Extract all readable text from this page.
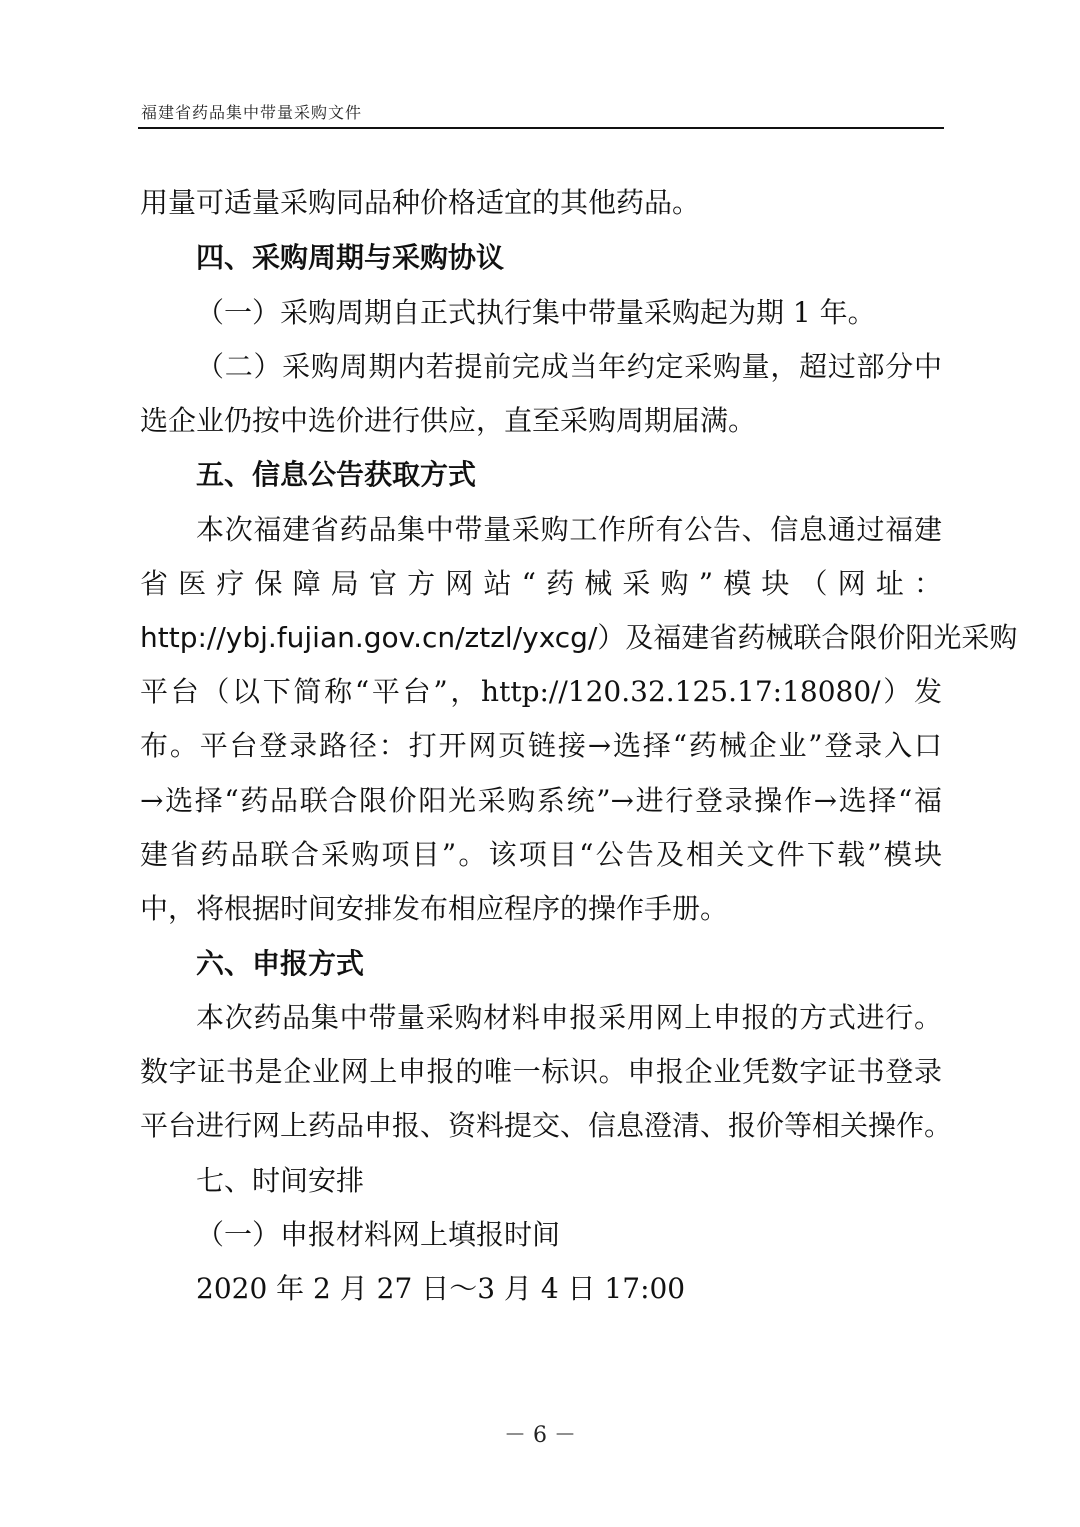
福建省药品集中带量采购文件
用量可适量采购同品种价格适宜的其他药品。
四、采购周期与采购协议
（一）采购周期自正式执行集中带量采购起为期 1 年。
（二）采购周期内若提前完成当年约定采购量，超过部分中
选企业仍按中选价进行供应，直至采购周期届满。
五、信息公告获取方式
本次福建省药品集中带量采购工作所有公告、信息通过福建
省医疗保障局官方网站“药械采购”模块（网址：
http://ybj.fujian.gov.cn/ztzl/yxcg/）及福建省药械联合限价阳光采购
平台（以下简称“平台”，http://120.32.125.17:18080/）发
布。平台登录路径：打开网页链接→选择“药械企业”登录入口
→选择“药品联合限价阳光采购系统”→进行登录操作→选择“福
建省药品联合采购项目”。该项目“公告及相关文件下载”模块
中，将根据时间安排发布相应程序的操作手册。
六、申报方式
本次药品集中带量采购材料申报采用网上申报的方式进行。
数字证书是企业网上申报的唯一标识。申报企业凭数字证书登录
平台进行网上药品申报、资料提交、信息澄清、报价等相关操作。
七、时间安排
（一）申报材料网上填报时间
2020 年 2 月 27 日～3 月 4 日 17:00
－ 6 －
